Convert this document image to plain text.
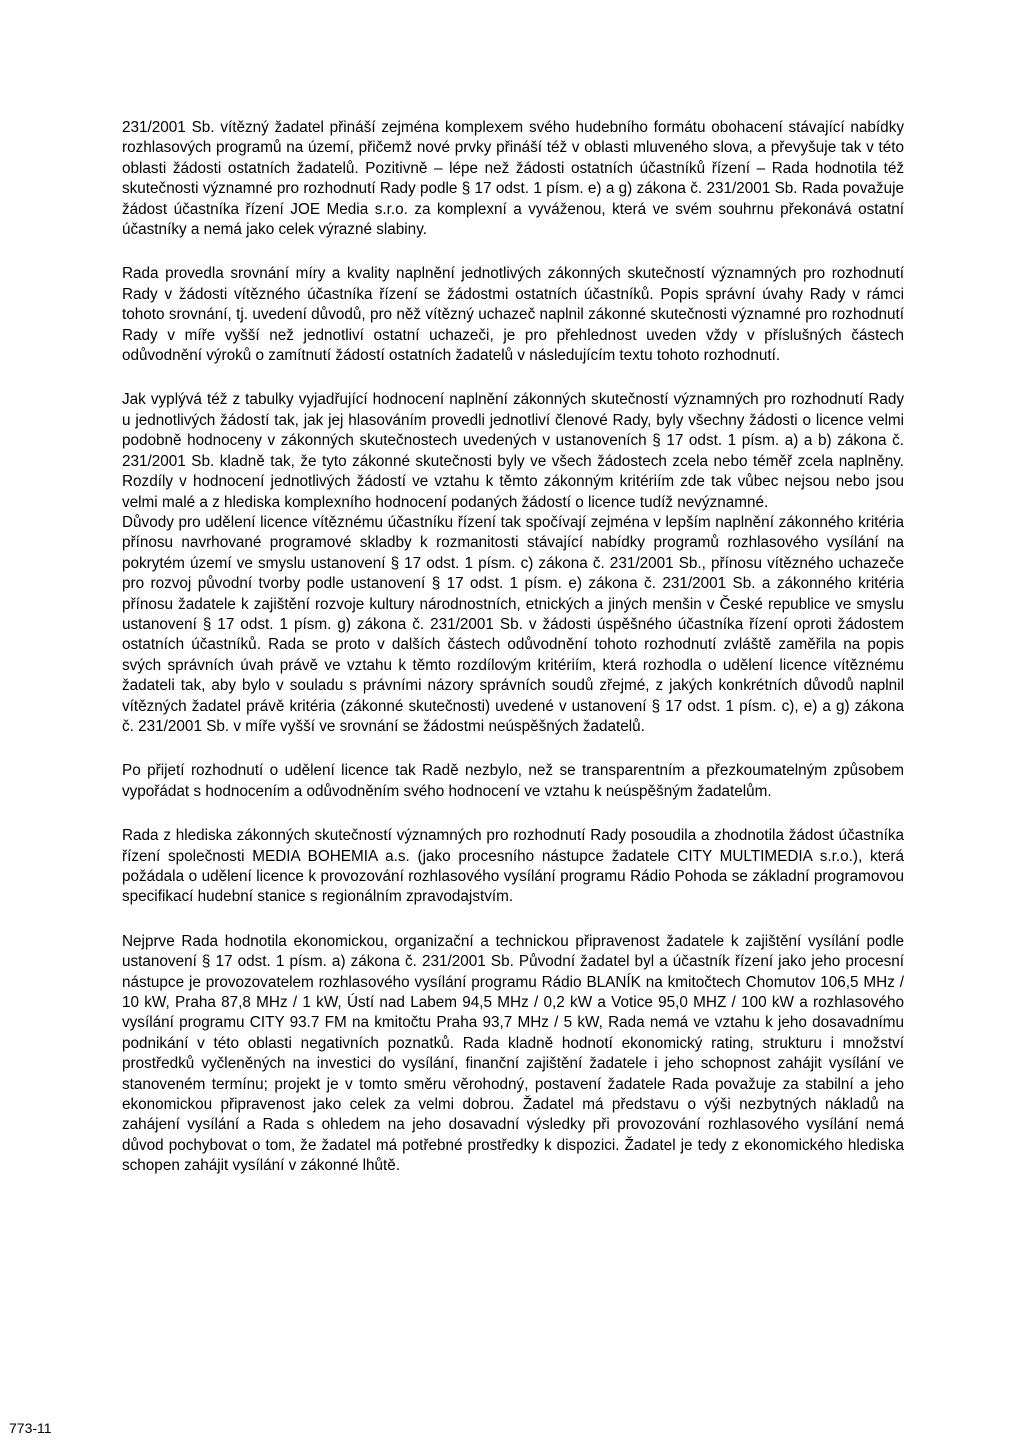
231/2001 Sb. vítězný žadatel přináší zejména komplexem svého hudebního formátu obohacení stávající nabídky rozhlasových programů na území, přičemž nové prvky přináší též v oblasti mluveného slova, a převyšuje tak v této oblasti žádosti ostatních žadatelů. Pozitivně – lépe než žádosti ostatních účastníků řízení – Rada hodnotila též skutečnosti významné pro rozhodnutí Rady podle § 17 odst. 1 písm. e) a g) zákona č. 231/2001 Sb. Rada považuje žádost účastníka řízení JOE Media s.r.o. za komplexní a vyváženou, která ve svém souhrnu překonává ostatní účastníky a nemá jako celek výrazné slabiny.

Rada provedla srovnání míry a kvality naplnění jednotlivých zákonných skutečností významných pro rozhodnutí Rady v žádosti vítězného účastníka řízení se žádostmi ostatních účastníků. Popis správní úvahy Rady v rámci tohoto srovnání, tj. uvedení důvodů, pro něž vítězný uchazeč naplnil zákonné skutečnosti významné pro rozhodnutí Rady v míře vyšší než jednotliví ostatní uchazeči, je pro přehlednost uveden vždy v příslušných částech odůvodnění výroků o zamítnutí žádostí ostatních žadatelů v následujícím textu tohoto rozhodnutí.

Jak vyplývá též z tabulky vyjadřující hodnocení naplnění zákonných skutečností významných pro rozhodnutí Rady u jednotlivých žádostí tak, jak jej hlasováním provedli jednotliví členové Rady, byly všechny žádosti o licence velmi podobně hodnoceny v zákonných skutečnostech uvedených v ustanoveních § 17 odst. 1 písm. a) a b) zákona č. 231/2001 Sb. kladně tak, že tyto zákonné skutečnosti byly ve všech žádostech zcela nebo téměř zcela naplněny. Rozdíly v hodnocení jednotlivých žádostí ve vztahu k těmto zákonným kritériím zde tak vůbec nejsou nebo jsou velmi malé a z hlediska komplexního hodnocení podaných žádostí o licence tudíž nevýznamné.

Důvody pro udělení licence vítěznému účastníku řízení tak spočívají zejména v lepším naplnění zákonného kritéria přínosu navrhované programové skladby k rozmanitosti stávající nabídky programů rozhlasového vysílání na pokrytém území ve smyslu ustanovení § 17 odst. 1 písm. c) zákona č. 231/2001 Sb., přínosu vítězného uchazeče pro rozvoj původní tvorby podle ustanovení § 17 odst. 1 písm. e) zákona č. 231/2001 Sb. a zákonného kritéria přínosu žadatele k zajištění rozvoje kultury národnostních, etnických a jiných menšin v České republice ve smyslu ustanovení § 17 odst. 1 písm. g) zákona č. 231/2001 Sb. v žádosti úspěšného účastníka řízení oproti žádostem ostatních účastníků. Rada se proto v dalších částech odůvodnění tohoto rozhodnutí zvláště zaměřila na popis svých správních úvah právě ve vztahu k těmto rozdílovým kritériím, která rozhodla o udělení licence vítěznému žadateli tak, aby bylo v souladu s právními názory správních soudů zřejmé, z jakých konkrétních důvodů naplnil vítězných žadatel právě kritéria (zákonné skutečnosti) uvedené v ustanovení § 17 odst. 1 písm. c), e) a g) zákona č. 231/2001 Sb. v míře vyšší ve srovnání se žádostmi neúspěšných žadatelů.

Po přijetí rozhodnutí o udělení licence tak Radě nezbylo, než se transparentním a přezkoumatelným způsobem vypořádat s hodnocením a odůvodněním svého hodnocení ve vztahu k neúspěšným žadatelům.

Rada z hlediska zákonných skutečností významných pro rozhodnutí Rady posoudila a zhodnotila žádost účastníka řízení společnosti MEDIA BOHEMIA a.s. (jako procesního nástupce žadatele CITY MULTIMEDIA s.r.o.), která požádala o udělení licence k provozování rozhlasového vysílání programu Rádio Pohoda se základní programovou specifikací hudební stanice s regionálním zpravodajstvím.

Nejprve Rada hodnotila ekonomickou, organizační a technickou připravenost žadatele k zajištění vysílání podle ustanovení § 17 odst. 1 písm. a) zákona č. 231/2001 Sb. Původní žadatel byl a účastník řízení jako jeho procesní nástupce je provozovatelem rozhlasového vysílání programu Rádio BLANÍK na kmitočtech Chomutov 106,5 MHz / 10 kW, Praha 87,8 MHz / 1 kW, Ústí nad Labem 94,5 MHz / 0,2 kW a Votice 95,0 MHZ / 100 kW a rozhlasového vysílání programu CITY 93.7 FM na kmitočtu Praha 93,7 MHz / 5 kW, Rada nemá ve vztahu k jeho dosavadnímu podnikání v této oblasti negativních poznatků. Rada kladně hodnotí ekonomický rating, strukturu i množství prostředků vyčleněných na investici do vysílání, finanční zajištění žadatele i jeho schopnost zahájit vysílání ve stanoveném termínu; projekt je v tomto směru věrohodný, postavení žadatele Rada považuje za stabilní a jeho ekonomickou připravenost jako celek za velmi dobrou. Žadatel má představu o výši nezbytných nákladů na zahájení vysílání a Rada s ohledem na jeho dosavadní výsledky při provozování rozhlasového vysílání nemá důvod pochybovat o tom, že žadatel má potřebné prostředky k dispozici. Žadatel je tedy z ekonomického hlediska schopen zahájit vysílání v zákonné lhůtě.

773-11
